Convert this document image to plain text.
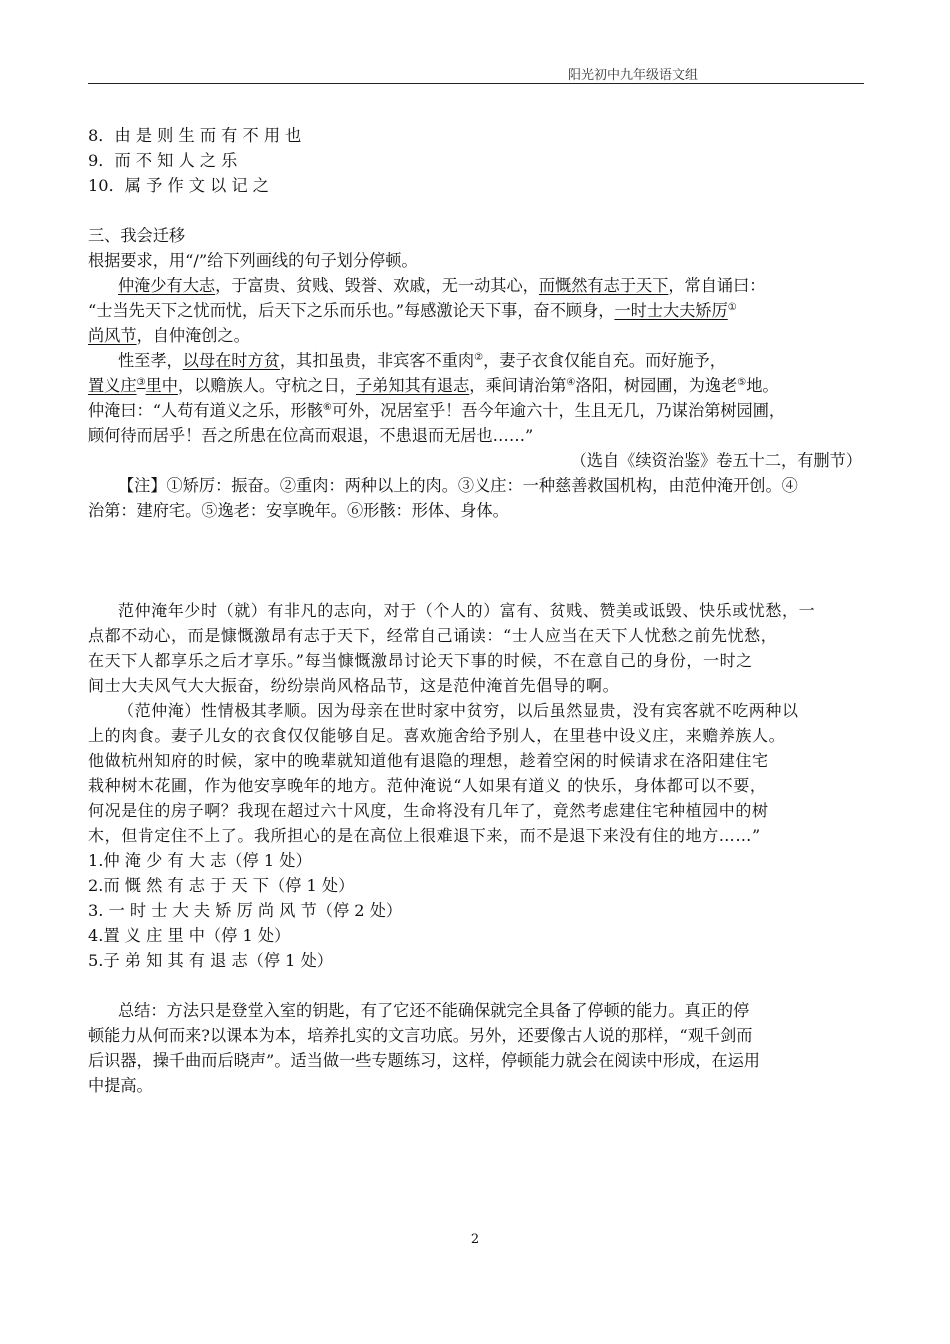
阳光初中九年级语文组
8．由 是 则 生 而 有 不 用 也
9．而 不 知 人 之 乐
10．属 予 作 文 以 记 之
三、我会迁移
根据要求，用“/”给下列画线的句子划分停顿。
仲淹少有大志，于富贵、贫贱、毁誉、欢戚，无一动其心，而慨然有志于天下，常自诵曰：
“士当先天下之忧而忧，后天下之乐而乐也。”每感激论天下事，奋不顾身，一时士大夫矫厉①
尚风节，自仲淹创之。
性至孝，以母在时方贫，其扣虽贵，非宾客不重肉②，妻子衣食仅能自充。而好施予，
置义庄③里中，以赡族人。守杭之日，子弟知其有退志，乘间请治第④洛阳，树园圃，为逸老⑤地。
仲淹曰：“人苟有道义之乐，形骸⑥可外，况居室乎！吾今年逾六十，生且无几，乃谋治第树园圃，
顾何待而居乎！吾之所患在位高而艰退，不患退而无居也……”
（选自《续资治鉴》卷五十二，有删节）
【注】①矫厉：振奋。②重肉：两种以上的肉。③义庄：一种慈善救国机构，由范仲淹开创。④
治第：建府宅。⑤逸老：安享晚年。⑥形骸：形体、身体。
范仲淹年少时（就）有非凡的志向，对于（个人的）富有、贫贱、赞美或诋毁、快乐或忧愁，一
点都不动心，而是慷慨激昂有志于天下，经常自己诵读：“士人应当在天下人忧愁之前先忧愁，
在天下人都享乐之后才享乐。”每当慷慨激昂讨论天下事的时候，不在意自己的身份，一时之
间士大夫风气大大振奋，纷纷崇尚风格品节，这是范仲淹首先倡导的啊。
（范仲淹）性情极其孝顺。因为母亲在世时家中贫穷，以后虽然显贵，没有宾客就不吃两种以
上的肉食。妻子儿女的衣食仅仅能够自足。喜欢施舍给予别人，在里巷中设义庄，来赡养族人。
他做杭州知府的时候，家中的晚辈就知道他有退隐的理想，趁着空闲的时候请求在洛阳建住宅
栽种树木花圃，作为他安享晚年的地方。范仲淹说“人如果有道义 的快乐，身体都可以不要，
何况是住的房子啊？我现在超过六十风度，生命将没有几年了，竟然考虑建住宅种植园中的树
木，但肯定住不上了。我所担心的是在高位上很难退下来，而不是退下来没有住的地方……”
1.仲 淹 少 有 大 志（停 1 处）
2.而 慨 然 有 志 于 天 下（停 1 处）
3. 一 时 士 大 夫 矫 厉 尚 风 节（停 2 处）
4.置 义 庄 里 中（停 1 处）
5.子 弟 知 其 有 退 志（停 1 处）
总结：方法只是登堂入室的钥匙，有了它还不能确保就完全具备了停顿的能力。真正的停
顿能力从何而来?以课本为本，培养扎实的文言功底。另外，还要像古人说的那样，“观千剑而
后识器，操千曲而后晓声”。适当做一些专题练习，这样，停顿能力就会在阅读中形成，在运用
中提高。
2
